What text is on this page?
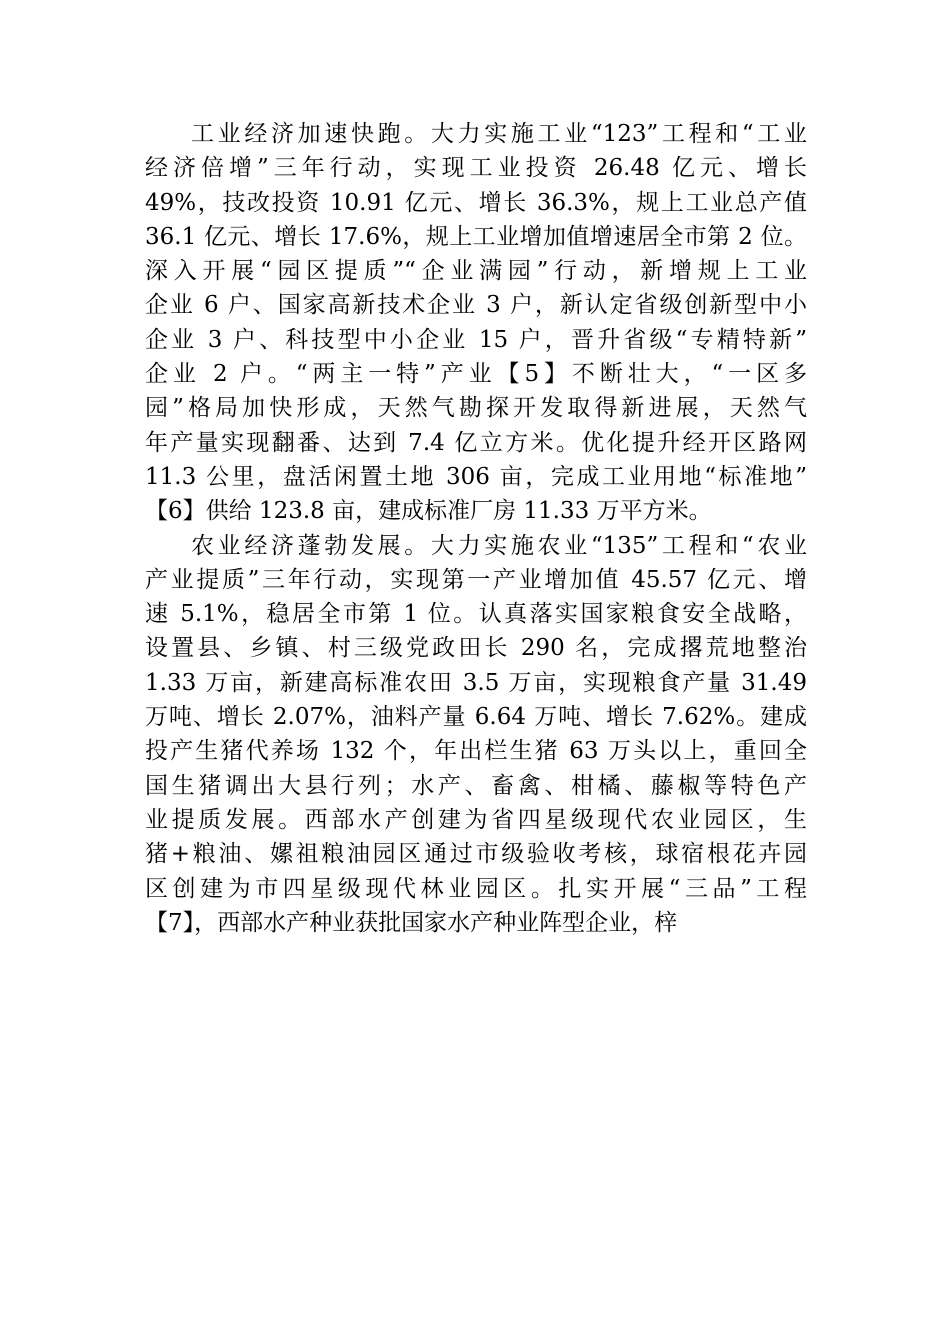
工业经济加速快跑。大力实施工业“123”工程和“工业
经济倍增”三年行动，实现工业投资 26.48 亿元、增长
49%，技改投资 10.91 亿元、增长 36.3%，规上工业总产值
36.1 亿元、增长 17.6%，规上工业增加值增速居全市第 2 位。
深入开展“园区提质”“企业满园”行动，新增规上工业
企业 6 户、国家高新技术企业 3 户，新认定省级创新型中小
企业 3 户、科技型中小企业 15 户，晋升省级“专精特新”
企业 2 户。“两主一特”产业【5】不断壮大，“一区多
园”格局加快形成，天然气勘探开发取得新进展，天然气
年产量实现翻番、达到 7.4 亿立方米。优化提升经开区路网
11.3 公里，盘活闲置土地 306 亩，完成工业用地“标准地”
【6】供给 123.8 亩，建成标准厂房 11.33 万平方米。
农业经济蓬勃发展。大力实施农业“135”工程和“农业
产业提质”三年行动，实现第一产业增加值 45.57 亿元、增
速 5.1%，稳居全市第 1 位。认真落实国家粮食安全战略，
设置县、乡镇、村三级党政田长 290 名，完成撂荒地整治
1.33 万亩，新建高标准农田 3.5 万亩，实现粮食产量 31.49
万吨、增长 2.07%，油料产量 6.64 万吨、增长 7.62%。建成
投产生猪代养场 132 个，年出栏生猪 63 万头以上，重回全
国生猪调出大县行列；水产、畜禽、柑橘、藤椒等特色产
业提质发展。西部水产创建为省四星级现代农业园区，生
猪+粮油、嫘祖粮油园区通过市级验收考核，球宿根花卉园
区创建为市四星级现代林业园区。扎实开展“三品”工程
【7】，西部水产种业获批国家水产种业阵型企业，梓
